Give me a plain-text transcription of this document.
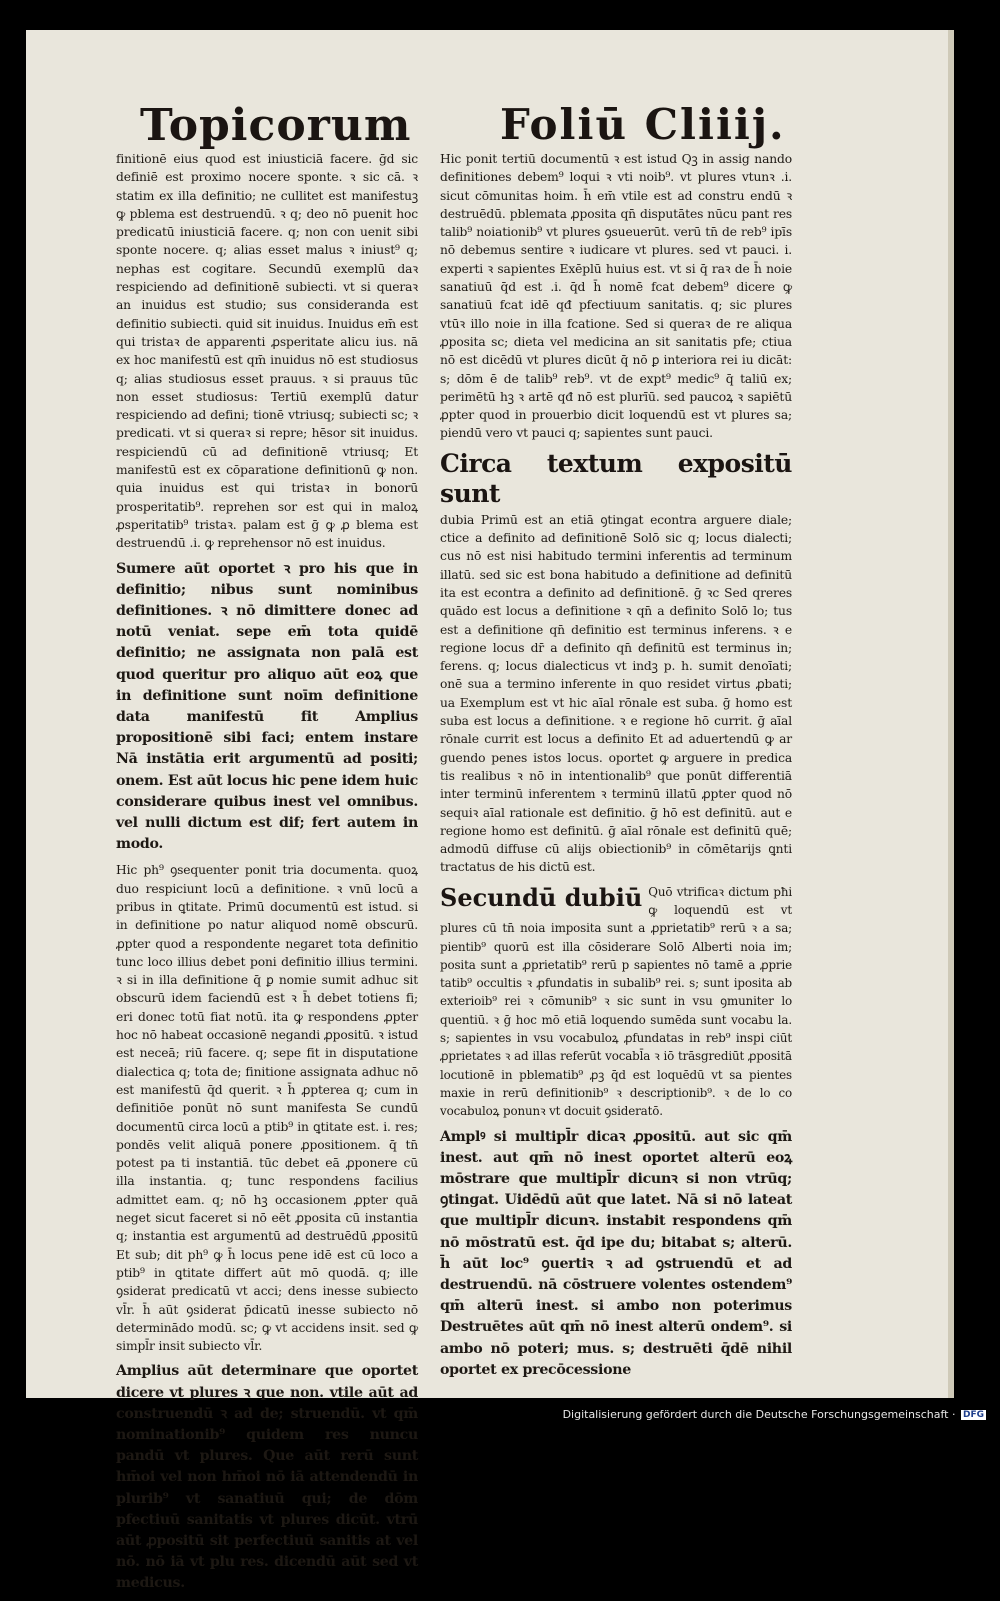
Topicorum Foliū Cliiij.

finitionē eius quod est iniusticiā facere. ḡd sic definiē est proximo nocere sponte. ꝛ sic cā. ꝛ statim ex illa definitio; ne cullitet est manifestuꝫ ꝙ pblema est destruendū. ꝛ q; deo nō puenit hoc predicatū iniusticiā facere. q; non con uenit sibi sponte nocere. q; alias esset malus ꝛ iniust⁹ q; nephas est cogitare. Secundū exemplū daꝛ respiciendo ad definitionē subiecti. vt si queraꝛ an inuidus est studio; sus consideranda est definitio subiecti. quid sit inuidus. Inuidus em̄ est qui tristaꝛ de apparenti ꝓsperitate alicu ius. nā ex hoc manifestū est qm̄ inuidus nō est studiosus q; alias studiosus esset prauus. ꝛ si prauus tūc non esset studiosus: Tertiū exemplū datur respiciendo ad defini; tionē vtriusq; subiecti sc; ꝛ predicati. vt si queraꝛ si repre; hēsor sit inuidus. respiciendū cū ad definitionē vtriusq; Et manifestū est ex cōparatione definitionū ꝙ non. quia inuidus est qui tristaꝛ in bonorū prosperitatib⁹. reprehen sor est qui in maloꝝ ꝓsperitatib⁹ tristaꝛ. palam est ḡ ꝙ ꝓ blema est destruendū .i. ꝙ reprehensor nō est inuidus.

Sumere aūt oportet ꝛ pro his que in definitio; nibus sunt nominibus definitiones. ꝛ nō dimittere donec ad notū veniat. sepe em̄ tota quidē definitio; ne assignata non palā est quod queritur pro aliquo aūt eoꝝ que in definitione sunt noīm definitione data manifestū fit Amplius propositionē sibi faci; entem instare Nā instātia erit argumentū ad positi; onem. Est aūt locus hic pene idem huic considerare quibus inest vel omnibus. vel nulli dictum est dif; fert autem in modo.

Hic ph⁹ ꝯsequenter ponit tria documenta. quoꝝ duo respiciunt locū a definitione. ꝛ vnū locū a pribus in ꝗtitate. Primū documentū est istud. si in definitione po natur aliquod nomē obscurū. ꝓpter quod a respondente negaret tota definitio tunc loco illius debet poni definitio illius termini. ꝛ si in illa definitione q̄ ꝑ nomie sumit adhuc sit obscurū idem faciendū est ꝛ h̄ debet totiens fi; eri donec totū fiat notū. ita ꝙ respondens ꝓpter hoc nō habeat occasionē negandi ꝓpositū. ꝛ istud est neceā; riū facere. q; sepe fit in disputatione dialectica q; tota de; finitione assignata adhuc nō est manifestū q̄d querit. ꝛ h̄ ꝓpterea q; cum in definitiōe ponūt nō sunt manifesta Se cundū documentū circa locū a ptib⁹ in ꝗtitate est. i. res; pondēs velit aliquā ponere ꝓpositionem. q̄ tn̄ potest pa ti instantiā. tūc debet eā ꝓponere cū illa instantia. q; tunc respondens facilius admittet eam. q; nō hꝫ occasionem ꝓpter quā neget sicut faceret si nō eēt ꝓposita cū instantia q; instantia est argumentū ad destruēdū ꝓpositū Et sub; dit ph⁹ ꝙ h̄ locus pene idē est cū loco a ptib⁹ in ꝗtitate differt aūt mō quodā. q; ille ꝯsiderat predicatū vt acci; dens inesse subiecto vl̄r. h̄ aūt ꝯsiderat p̄dicatū inesse subiecto nō determinādo modū. sc; ꝙ vt accidens insit. sed ꝙ simpl̄r insit subiecto vl̄r.

Amplius aūt determinare que oportet dicere vt plures ꝛ que non. vtile aūt ad construendū ꝛ ad de; struendū. vt qm̄ nominationib⁹ quidem res nuncu pandū vt plures. Que aūt rerū sunt hm̄oi vel non hm̄oi nō iā attendendū in plurib⁹ vt sanatiuū qui; de dōm pfectiuū sanitatis vt plures dicūt. vtrū aūt ꝓpositū sit perfectiuū sanitis at vel nō. nō iā vt plu res. dicendū aūt sed vt medicus.

Hic ponit tertiū documentū ꝛ est istud Qꝫ in assig nando definitiones debem⁹ loqui ꝛ vti noib⁹. vt plures vtunꝛ .i. sicut cōmunitas hoim. h̄ em̄ vtile est ad constru endū ꝛ destruēdū. pblemata ꝓposita qn̄ disputātes nūcu pant res talib⁹ noiationib⁹ vt plures ꝯsueuerūt. verū tn̄ de reb⁹ ipīs nō debemus sentire ꝛ iudicare vt plures. sed vt pauci. i. experti ꝛ sapientes Exēplū huius est. vt si q̄ raꝛ de h̄ noie sanatiuū q̄d est .i. q̄d h̄ nomē fcat debem⁹ dicere ꝙ sanatiuū fcat idē qđ pfectiuum sanitatis. q; sic plures vtūꝛ illo noie in illa fcatione. Sed si queraꝛ de re aliqua ꝓposita sc; dieta vel medicina an sit sanitatis pfe; ctiua nō est dicēdū vt plures dicūt q̄ nō ꝑ interiora rei iu dicāt: s; dōm ē de talib⁹ reb⁹. vt de expt⁹ medic⁹ q̄ taliū ex; perimētū hꝫ ꝛ artē qđ nō est plurīū. sed paucoꝝ ꝛ sapiētū ꝓpter quod in prouerbio dicit loquendū est vt plures sa; piendū vero vt pauci q; sapientes sunt pauci.

Circa textum expositū sunt

dubia Primū est an etiā ꝯtingat econtra arguere diale; ctice a definito ad definitionē Solō sic q; locus dialecti; cus nō est nisi habitudo termini inferentis ad terminum illatū. sed sic est bona habitudo a definitione ad definitū ita est econtra a definito ad definitionē. ḡ ꝛc Sed qreres quādo est locus a definitione ꝛ qn̄ a definito Solō lo; tus est a definitione qn̄ definitio est terminus inferens. ꝛ e regione locus dr̄ a definito qn̄ definitū est terminus in; ferens. q; locus dialecticus vt indꝫ p. h. sumit denoīati; onē sua a termino inferente in quo residet virtus ꝓbati; ua Exemplum est vt hic aīal rōnale est suba. ḡ homo est suba est locus a definitione. ꝛ e regione hō currit. ḡ aīal rōnale currit est locus a definito Et ad aduertendū ꝙ ar guendo penes istos locus. oportet ꝙ arguere in predica tis realibus ꝛ nō in intentionalib⁹ que ponūt differentiā inter terminū inferentem ꝛ terminū illatū ꝓpter quod nō sequiꝛ aīal rationale est definitio. ḡ hō est definitū. aut e regione homo est definitū. ḡ aīal rōnale est definitū quē; admodū diffuse cū alijs obiectionib⁹ in cōmētarijs ꝗnti tractatus de his dictū est.

Secundū dubiū Quō vtrificaꝛ dictum pħi ꝙ loquendū est vt plures cū tn̄ noia imposita sunt a ꝓprietatib⁹ rerū ꝛ a sa; pientib⁹ quorū est illa cōsiderare Solō Alberti noia im; posita sunt a ꝓprietatib⁹ rerū p sapientes nō tamē a ꝓprie tatib⁹ occultis ꝛ ꝓfundatis in subalib⁹ rei. s; sunt iposita ab exterioib⁹ rei ꝛ cōmunib⁹ ꝛ sic sunt in vsu ꝯmuniter lo quentiū. ꝛ ḡ hoc mō etiā loquendo sumēda sunt vocabu la. s; sapientes in vsu vocabuloꝝ ꝓfundatas in reb⁹ inspi ciūt ꝓprietates ꝛ ad illas referūt vocabl̄a ꝛ iō trāsgrediūt ꝓpositā locutionē in pblematib⁹ ꝓꝫ q̄d est loquēdū vt sa pientes maxie in rerū definitionib⁹ ꝛ descriptionib⁹. ꝛ de lo co vocabuloꝝ ponunꝛ vt docuit ꝯsideratō.

Amplꝰ si multipl̄r dicaꝛ ꝓpositū. aut sic qm̄ inest. aut qm̄ nō inest oportet alterū eoꝝ mōstrare que multipl̄r dicunꝛ si non vtrūq; ꝯtingat. Uidēdū aūt que latet. Nā si nō lateat que multipl̄r dicunꝛ. instabit respondens qm̄ nō mōstratū est. q̄d ipe du; bitabat s; alterū. h̄ aūt loc⁹ ꝯuertiꝛ ꝛ ad ꝯstruendū et ad destruendū. nā cōstruere volentes ostendem⁹ qm̄ alterū inest. si ambo non poterimus Destruētes aūt qm̄ nō inest alterū ondem⁹. si ambo nō poteri; mus. s; destruēti q̄dē nihil oportet ex precōcessione

Digitalisierung gefördert durch die Deutsche Forschungsgemeinschaft · DFG
